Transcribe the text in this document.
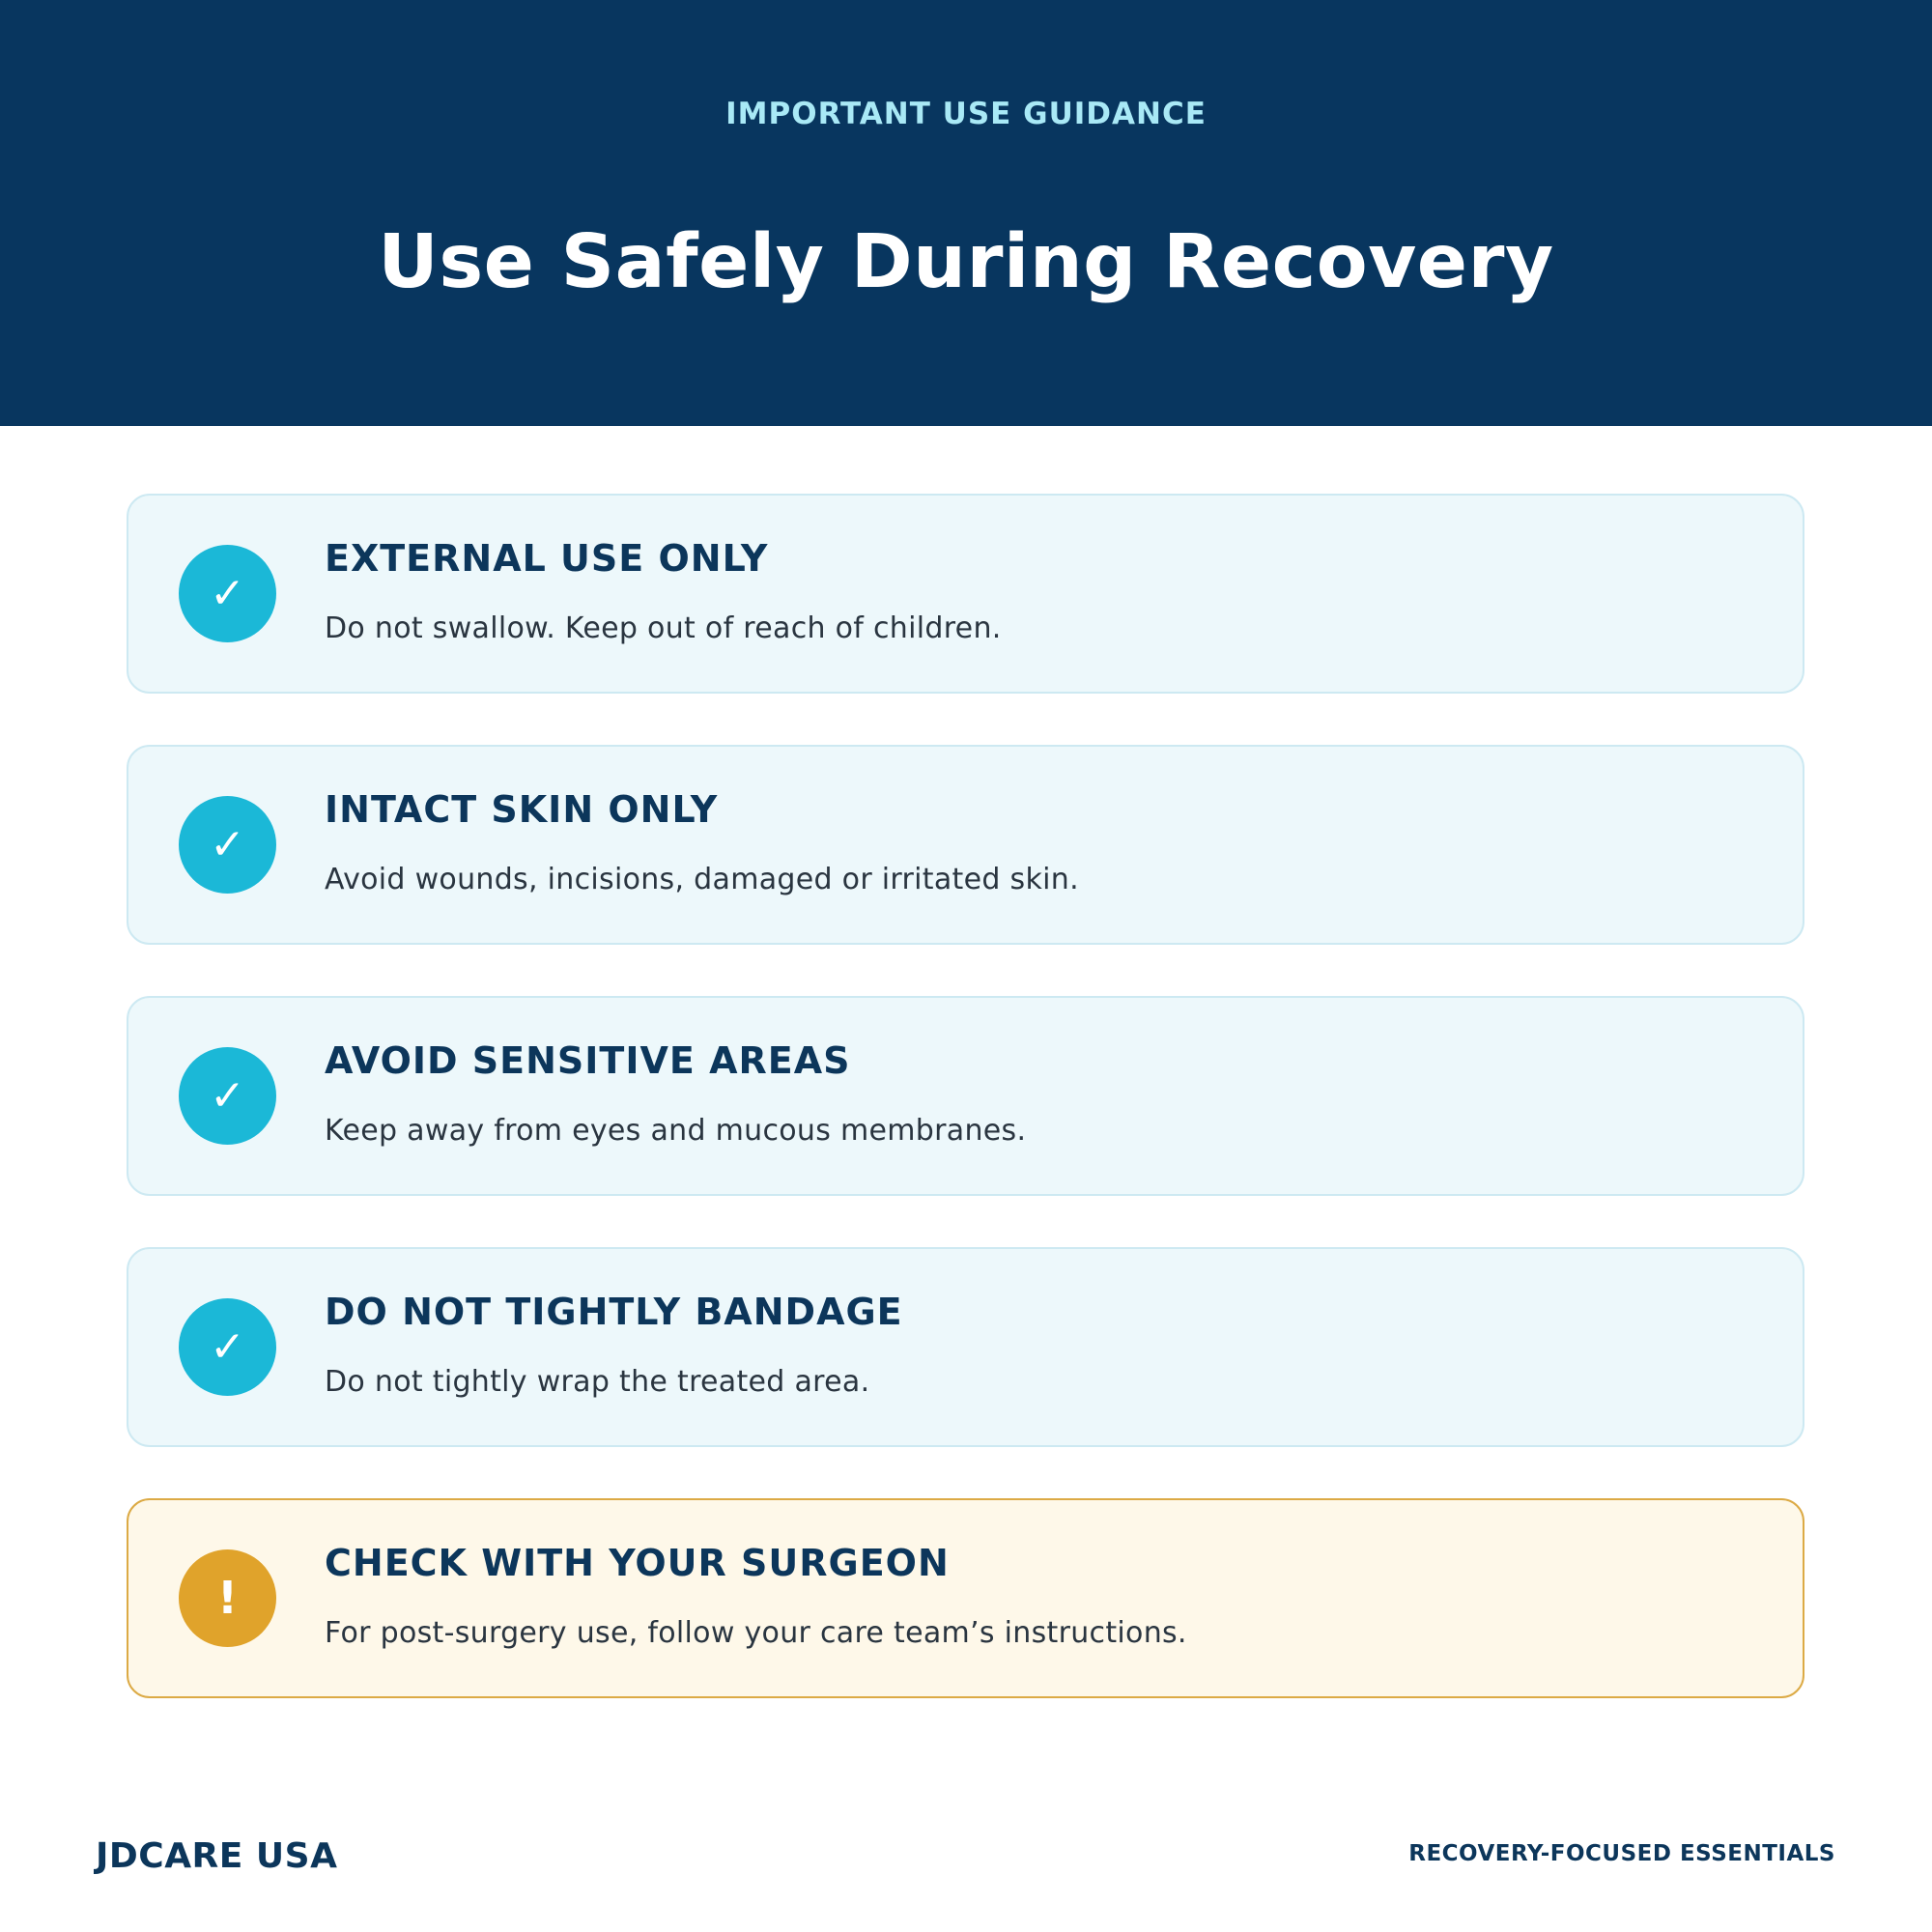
IMPORTANT USE GUIDANCE
Use Safely During Recovery
✓
EXTERNAL USE ONLY
Do not swallow. Keep out of reach of children.
✓
INTACT SKIN ONLY
Avoid wounds, incisions, damaged or irritated skin.
✓
AVOID SENSITIVE AREAS
Keep away from eyes and mucous membranes.
✓
DO NOT TIGHTLY BANDAGE
Do not tightly wrap the treated area.
!
CHECK WITH YOUR SURGEON
For post-surgery use, follow your care team’s instructions.
JDCARE USA	RECOVERY-FOCUSED ESSENTIALS
